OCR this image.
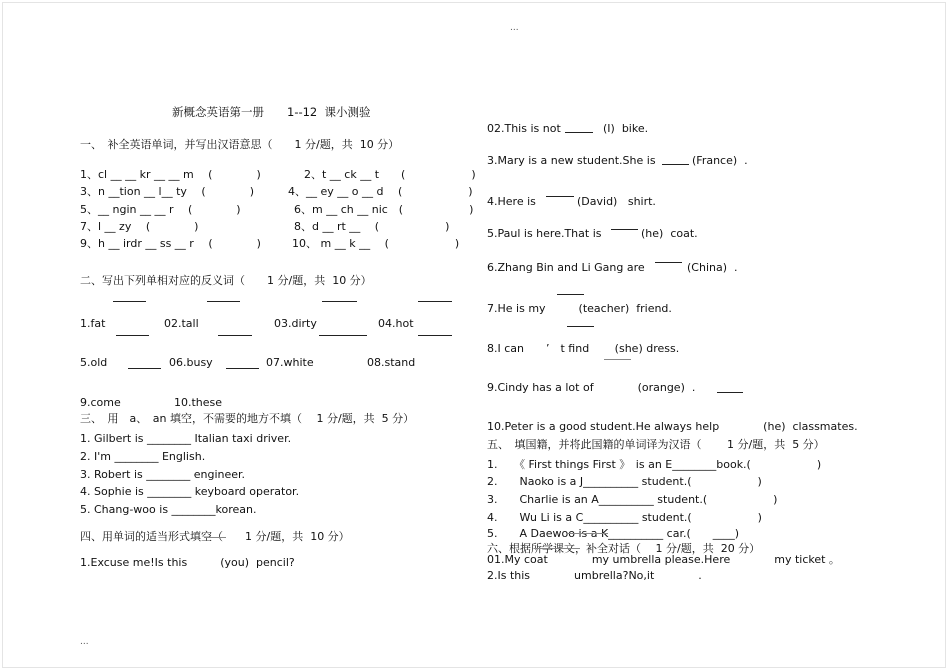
...
...
新概念英语第一册　　1--12  课小测验
一、　补全英语单词，并写出汉语意思（　　1 分/题，共  10 分）
1、cl __ __ kr __ __ m　 (　　　　)	2、t __ ck __ t　　(　　　　　　)
3、n __tion __ l__ ty　 (　　　　)	4、__ ey __ o __ d　 (　　　　　　)
5、__ ngin __ __ r　 (　　　　)	6、m __ ch __ nic　(　　　　　　)
7、l __ zy　 (　　　　)	8、d __ rt __　 (　　　　　　)
9、h __ irdr __ ss __ r　 (　　　　)	10、 m __ k __　 (　　　　　　)
二、写出下列单相对应的反义词（　　1 分/题，共  10 分）
1.fat	02.tall	03.dirty	04.hot
5.old	06.busy	07.white	08.stand
9.come	10.these
三、　用　a、　an 填空，不需要的地方不填（　 1 分/题，共  5 分）
1. Gilbert is ________ Italian taxi driver.
2. I'm ________ English.
3. Robert is ________ engineer.
4. Sophie is ________ keyboard operator.
5. Chang-woo is ________korean.
四、用单词的适当形式填空（　　1 分/题，共  10 分）
1.Excuse me!Is this　　　(you)  pencil?
02.This is not	(I)  bike.
3.Mary is a new student.She is	(France)  .
4.Here is	(David)   shirt.
5.Paul is here.That is	(he)  coat.
6.Zhang Bin and Li Gang are	(China)  .
7.He is my　　　(teacher)  friend.
8.I can　　’　t find　　 (she) dress.
9.Cindy has a lot of　　　　(orange)  .
10.Peter is a good student.He always help　　　　(he)  classmates.
五、　填国籍，并将此国籍的单词译为汉语（　　 1 分/题，共  5 分）
1.　　《 First things First 》　is an E________book.(　　　　　　)
2.　　Naoko is a J__________ student.(　　　　　　)
3.　　Charlie is an A__________ student.(　　　　　　)
4.　　Wu Li is a C__________ student.(　　　　　　)
5.　　A Daewoo is a K__________ car.(　　____)
六、根据所学课文，补全对话（　 1 分/题，共  20 分）
01.My coat　　　　my umbrella please.Here　　　　my ticket 。
2.Is this　　　　umbrella?No,it　　　　.
